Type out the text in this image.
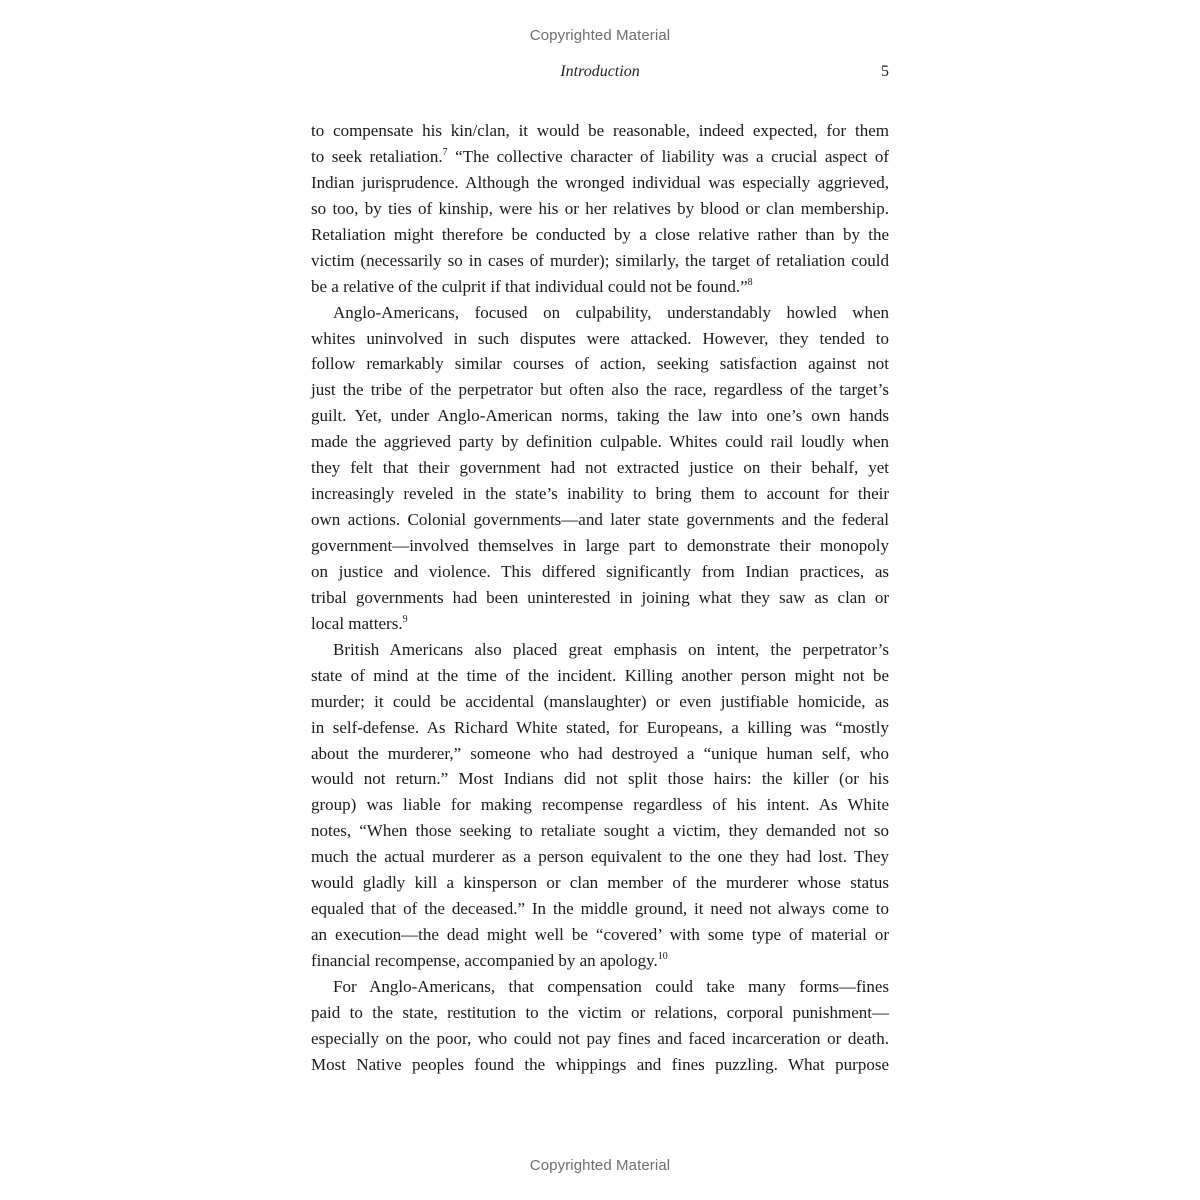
Copyrighted Material
Introduction	5
to compensate his kin/clan, it would be reasonable, indeed expected, for them
to seek retaliation.$^7$ “The collective character of liability was a crucial aspect of
Indian jurisprudence. Although the wronged individual was especially aggrieved,
so too, by ties of kinship, were his or her relatives by blood or clan membership.
Retaliation might therefore be conducted by a close relative rather than by the
victim (necessarily so in cases of murder); similarly, the target of retaliation could
be a relative of the culprit if that individual could not be found.”$^8$
Anglo-Americans, focused on culpability, understandably howled when
whites uninvolved in such disputes were attacked. However, they tended to
follow remarkably similar courses of action, seeking satisfaction against not
just the tribe of the perpetrator but often also the race, regardless of the target’s
guilt. Yet, under Anglo-American norms, taking the law into one’s own hands
made the aggrieved party by definition culpable. Whites could rail loudly when
they felt that their government had not extracted justice on their behalf, yet
increasingly reveled in the state’s inability to bring them to account for their
own actions. Colonial governments—and later state governments and the federal
government—involved themselves in large part to demonstrate their monopoly
on justice and violence. This differed significantly from Indian practices, as
tribal governments had been uninterested in joining what they saw as clan or
local matters.$^9$
British Americans also placed great emphasis on intent, the perpetrator’s
state of mind at the time of the incident. Killing another person might not be
murder; it could be accidental (manslaughter) or even justifiable homicide, as
in self-defense. As Richard White stated, for Europeans, a killing was “mostly
about the murderer,” someone who had destroyed a “unique human self, who
would not return.” Most Indians did not split those hairs: the killer (or his
group) was liable for making recompense regardless of his intent. As White
notes, “When those seeking to retaliate sought a victim, they demanded not so
much the actual murderer as a person equivalent to the one they had lost. They
would gladly kill a kinsperson or clan member of the murderer whose status
equaled that of the deceased.” In the middle ground, it need not always come to
an execution—the dead might well be “covered’ with some type of material or
financial recompense, accompanied by an apology.$^{10}$
For Anglo-Americans, that compensation could take many forms—fines
paid to the state, restitution to the victim or relations, corporal punishment—
especially on the poor, who could not pay fines and faced incarceration or death.
Most Native peoples found the whippings and fines puzzling. What purpose
Copyrighted Material
